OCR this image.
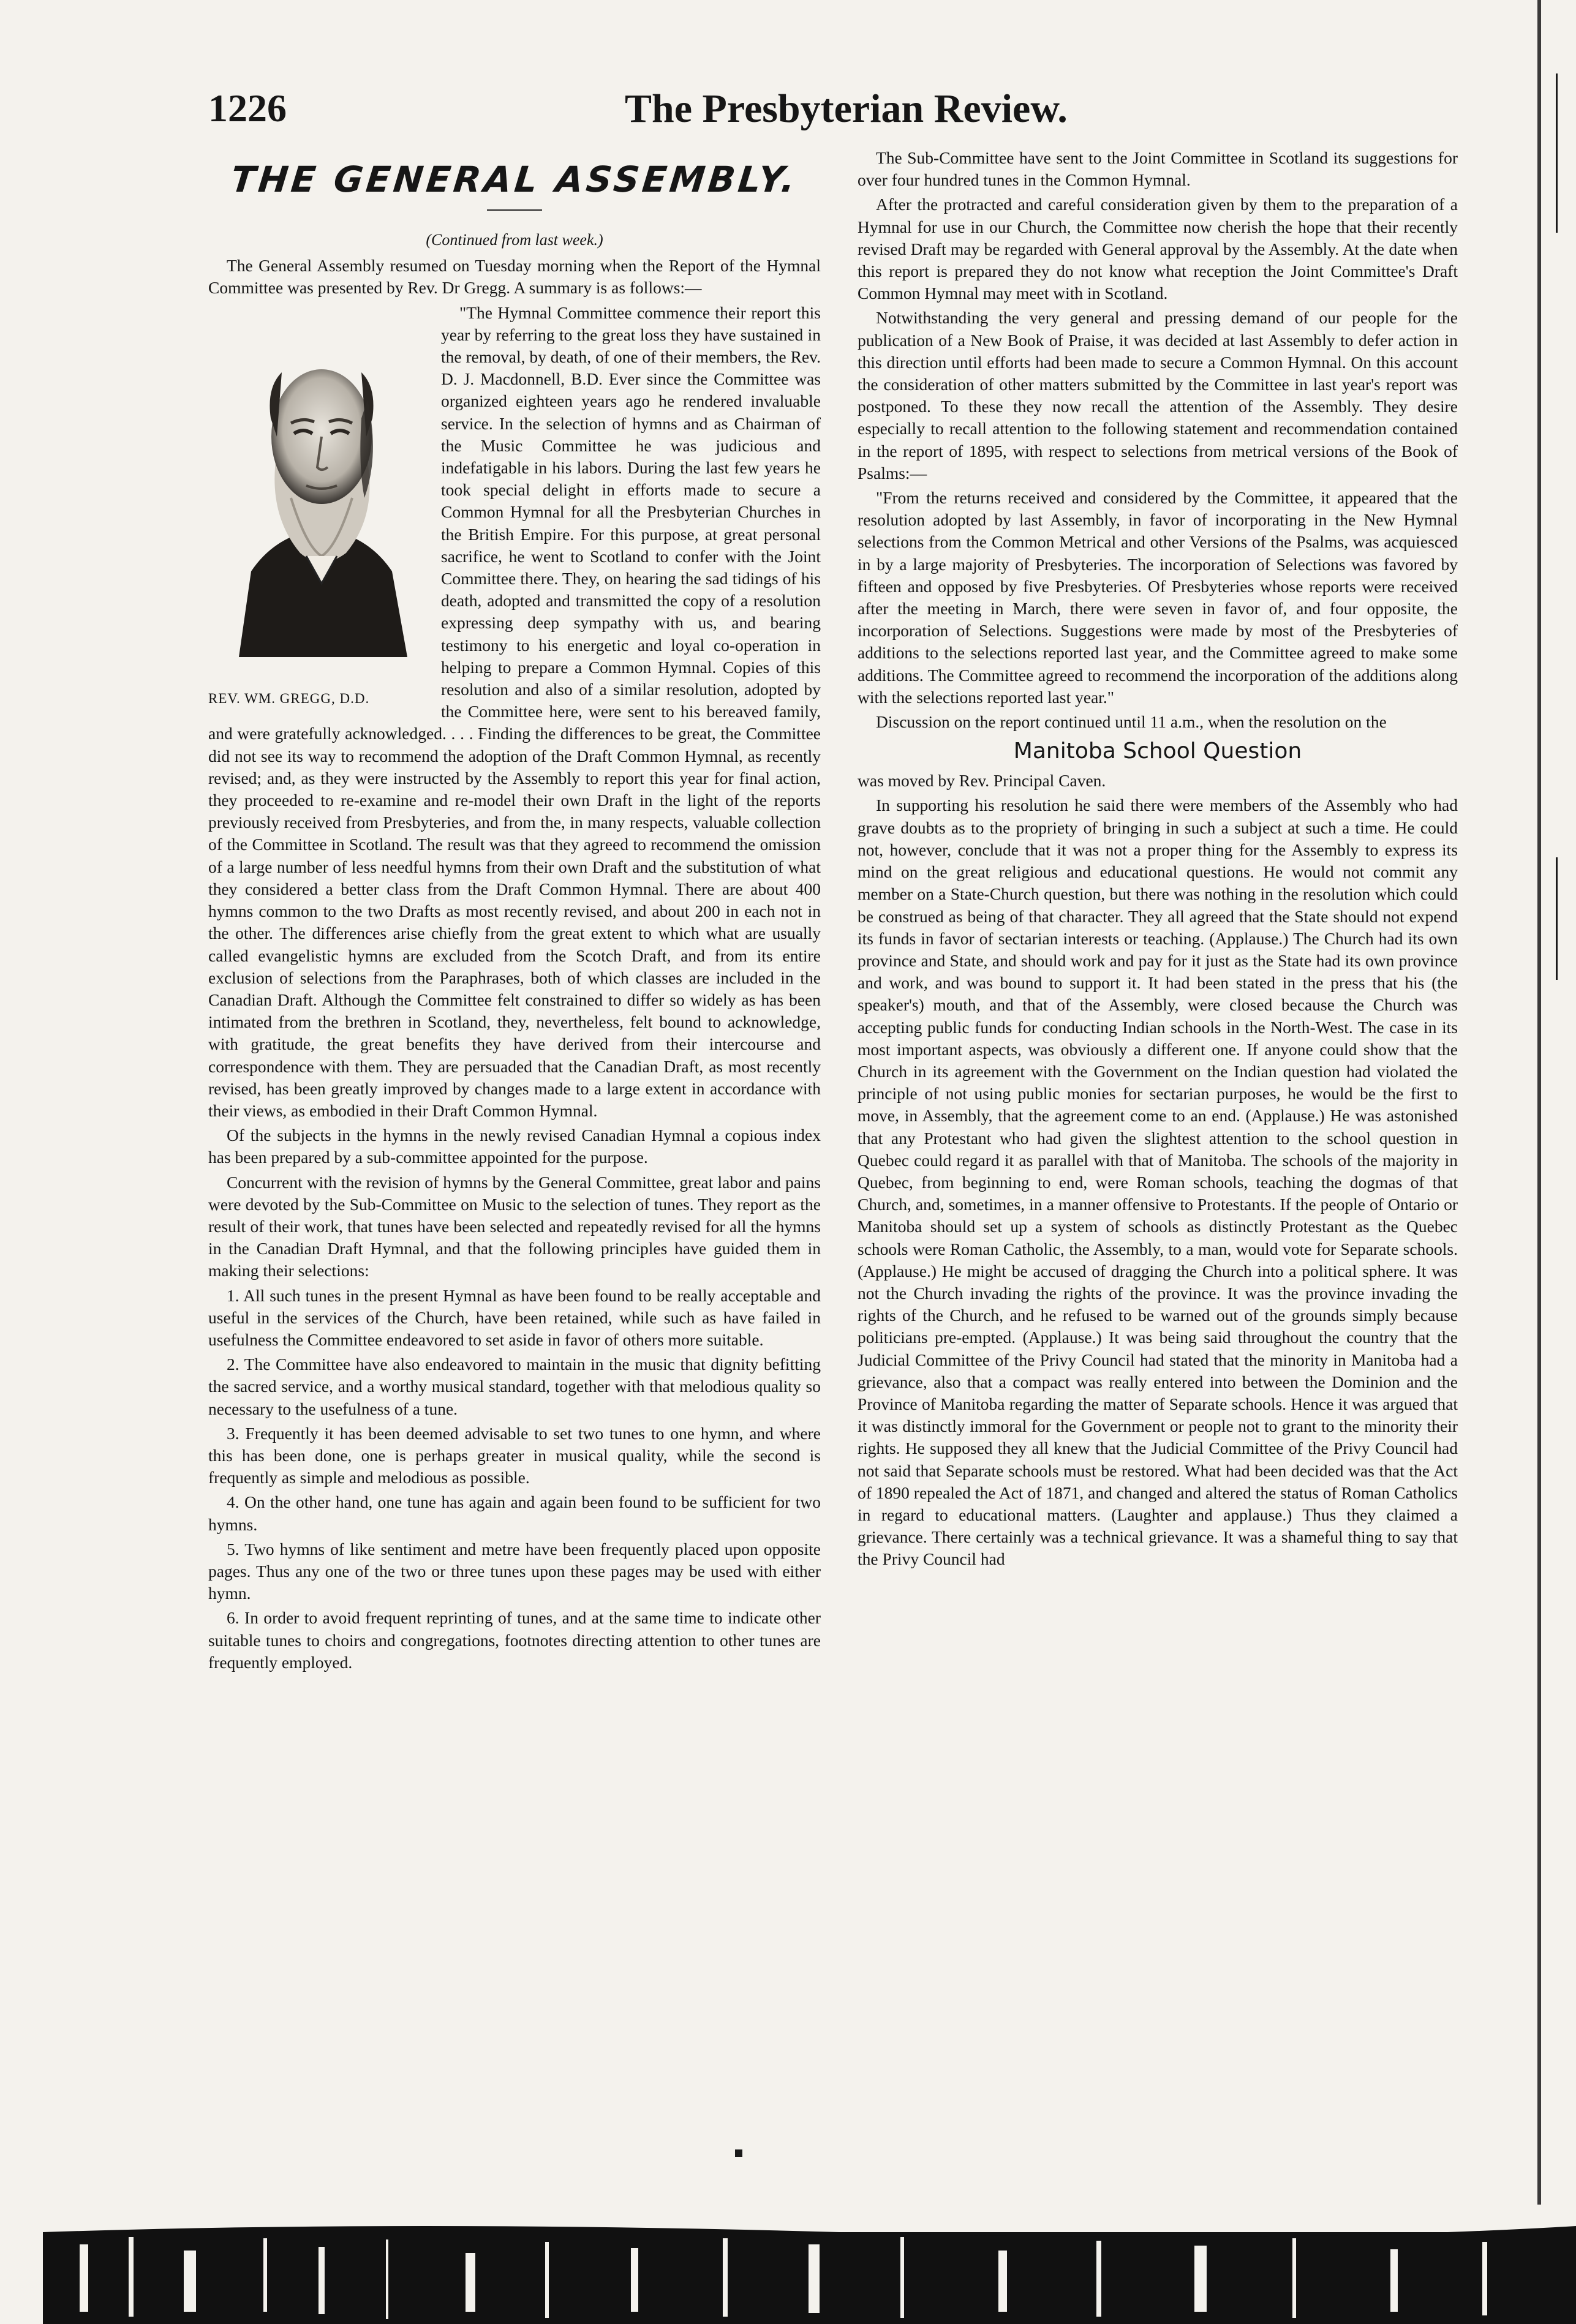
1226	The Presbyterian Review.
THE GENERAL ASSEMBLY.
(Continued from last week.)

The General Assembly resumed on Tuesday morning when the Report of the Hymnal Committee was presented by Rev. Dr Gregg. A summary is as follows:—

REV. WM. GREGG, D.D.

"The Hymnal Committee commence their report this year by referring to the great loss they have sustained in the removal, by death, of one of their members, the Rev. D. J. Macdonnell, B.D. Ever since the Committee was organized eighteen years ago he rendered invaluable service. In the selection of hymns and as Chairman of the Music Committee he was judicious and indefatigable in his labors. During the last few years he took special delight in efforts made to secure a Common Hymnal for all the Presbyterian Churches in the British Empire. For this purpose, at great personal sacrifice, he went to Scotland to confer with the Joint Committee there. They, on hearing the sad tidings of his death, adopted and transmitted the copy of a resolution expressing deep sympathy with us, and bearing testimony to his energetic and loyal co-operation in helping to prepare a Common Hymnal. Copies of this resolution and also of a similar resolution, adopted by the Committee here, were sent to his bereaved family, and were gratefully acknowledged. . . . Finding the differences to be great, the Committee did not see its way to recommend the adoption of the Draft Common Hymnal, as recently revised; and, as they were instructed by the Assembly to report this year for final action, they proceeded to re-examine and re-model their own Draft in the light of the reports previously received from Presbyteries, and from the, in many respects, valuable collection of the Committee in Scotland. The result was that they agreed to recommend the omission of a large number of less needful hymns from their own Draft and the substitution of what they considered a better class from the Draft Common Hymnal. There are about 400 hymns common to the two Drafts as most recently revised, and about 200 in each not in the other. The differences arise chiefly from the great extent to which what are usually called evangelistic hymns are excluded from the Scotch Draft, and from its entire exclusion of selections from the Paraphrases, both of which classes are included in the Canadian Draft. Although the Committee felt constrained to differ so widely as has been intimated from the brethren in Scotland, they, nevertheless, felt bound to acknowledge, with gratitude, the great benefits they have derived from their intercourse and correspondence with them. They are persuaded that the Canadian Draft, as most recently revised, has been greatly improved by changes made to a large extent in accordance with their views, as embodied in their Draft Common Hymnal.

Of the subjects in the hymns in the newly revised Canadian Hymnal a copious index has been prepared by a sub-committee appointed for the purpose.

Concurrent with the revision of hymns by the General Committee, great labor and pains were devoted by the Sub-Committee on Music to the selection of tunes. They report as the result of their work, that tunes have been selected and repeatedly revised for all the hymns in the Canadian Draft Hymnal, and that the following principles have guided them in making their selections:

1. All such tunes in the present Hymnal as have been found to be really acceptable and useful in the services of the Church, have been retained, while such as have failed in usefulness the Committee endeavored to set aside in favor of others more suitable.

2. The Committee have also endeavored to maintain in the music that dignity befitting the sacred service, and a worthy musical standard, together with that melodious quality so necessary to the usefulness of a tune.

3. Frequently it has been deemed advisable to set two tunes to one hymn, and where this has been done, one is perhaps greater in musical quality, while the second is frequently as simple and melodious as possible.

4. On the other hand, one tune has again and again been found to be sufficient for two hymns.

5. Two hymns of like sentiment and metre have been frequently placed upon opposite pages. Thus any one of the two or three tunes upon these pages may be used with either hymn.

6. In order to avoid frequent reprinting of tunes, and at the same time to indicate other suitable tunes to choirs and congregations, footnotes directing attention to other tunes are frequently employed.

The Sub-Committee have sent to the Joint Committee in Scotland its suggestions for over four hundred tunes in the Common Hymnal.

After the protracted and careful consideration given by them to the preparation of a Hymnal for use in our Church, the Committee now cherish the hope that their recently revised Draft may be regarded with General approval by the Assembly. At the date when this report is prepared they do not know what reception the Joint Committee's Draft Common Hymnal may meet with in Scotland.

Notwithstanding the very general and pressing demand of our people for the publication of a New Book of Praise, it was decided at last Assembly to defer action in this direction until efforts had been made to secure a Common Hymnal. On this account the consideration of other matters submitted by the Committee in last year's report was postponed. To these they now recall the attention of the Assembly. They desire especially to recall attention to the following statement and recommendation contained in the report of 1895, with respect to selections from metrical versions of the Book of Psalms:—

"From the returns received and considered by the Committee, it appeared that the resolution adopted by last Assembly, in favor of incorporating in the New Hymnal selections from the Common Metrical and other Versions of the Psalms, was acquiesced in by a large majority of Presbyteries. The incorporation of Selections was favored by fifteen and opposed by five Presbyteries. Of Presbyteries whose reports were received after the meeting in March, there were seven in favor of, and four opposite, the incorporation of Selections. Suggestions were made by most of the Presbyteries of additions to the selections reported last year, and the Committee agreed to make some additions. The Committee agreed to recommend the incorporation of the additions along with the selections reported last year."

Discussion on the report continued until 11 a.m., when the resolution on the

Manitoba School Question

was moved by Rev. Principal Caven.

In supporting his resolution he said there were members of the Assembly who had grave doubts as to the propriety of bringing in such a subject at such a time. He could not, however, conclude that it was not a proper thing for the Assembly to express its mind on the great religious and educational questions. He would not commit any member on a State-Church question, but there was nothing in the resolution which could be construed as being of that character. They all agreed that the State should not expend its funds in favor of sectarian interests or teaching. (Applause.) The Church had its own province and State, and should work and pay for it just as the State had its own province and work, and was bound to support it. It had been stated in the press that his (the speaker's) mouth, and that of the Assembly, were closed because the Church was accepting public funds for conducting Indian schools in the North-West. The case in its most important aspects, was obviously a different one. If anyone could show that the Church in its agreement with the Government on the Indian question had violated the principle of not using public monies for sectarian purposes, he would be the first to move, in Assembly, that the agreement come to an end. (Applause.) He was astonished that any Protestant who had given the slightest attention to the school question in Quebec could regard it as parallel with that of Manitoba. The schools of the majority in Quebec, from beginning to end, were Roman schools, teaching the dogmas of that Church, and, sometimes, in a manner offensive to Protestants. If the people of Ontario or Manitoba should set up a system of schools as distinctly Protestant as the Quebec schools were Roman Catholic, the Assembly, to a man, would vote for Separate schools. (Applause.) He might be accused of dragging the Church into a political sphere. It was not the Church invading the rights of the province. It was the province invading the rights of the Church, and he refused to be warned out of the grounds simply because politicians pre-empted. (Applause.) It was being said throughout the country that the Judicial Committee of the Privy Council had stated that the minority in Manitoba had a grievance, also that a compact was really entered into between the Dominion and the Province of Manitoba regarding the matter of Separate schools. Hence it was argued that it was distinctly immoral for the Government or people not to grant to the minority their rights. He supposed they all knew that the Judicial Committee of the Privy Council had not said that Separate schools must be restored. What had been decided was that the Act of 1890 repealed the Act of 1871, and changed and altered the status of Roman Catholics in regard to educational matters. (Laughter and applause.) Thus they claimed a grievance. There certainly was a technical grievance. It was a shameful thing to say that the Privy Council had
